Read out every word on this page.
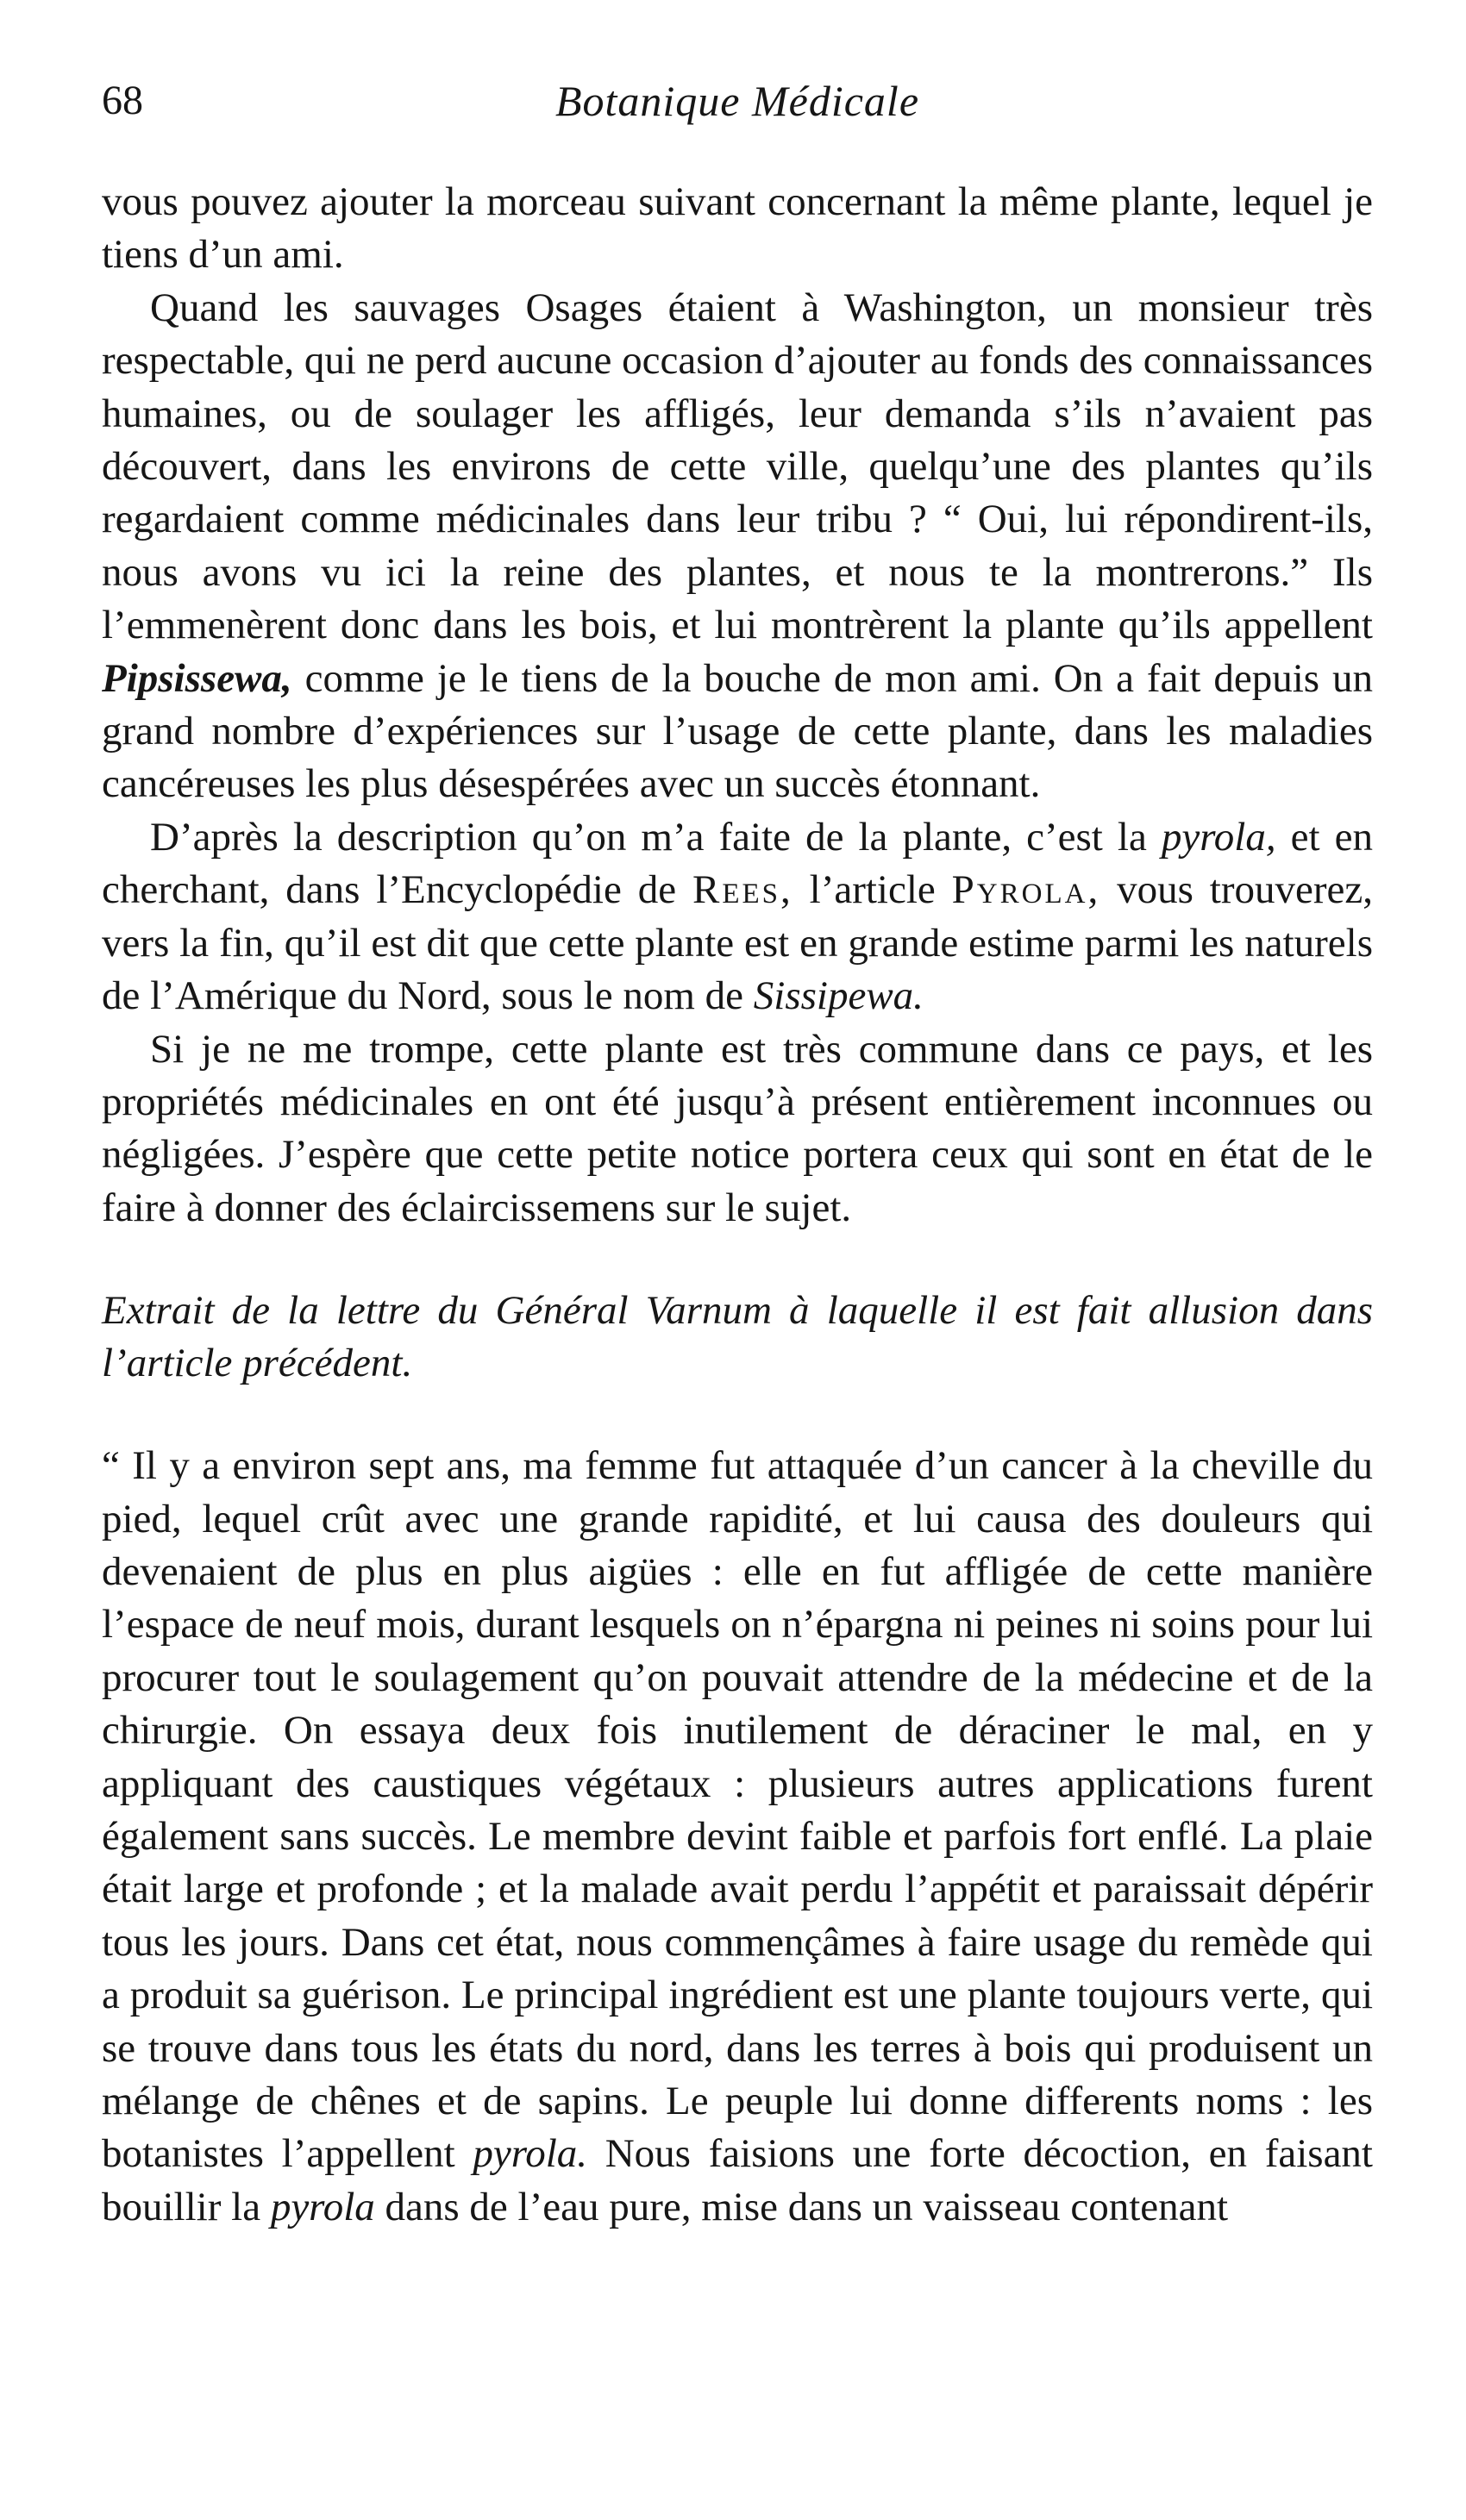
68	Botanique Médicale

vous pouvez ajouter la morceau suivant concernant la même plante, lequel je tiens d’un ami.

Quand les sauvages Osages étaient à Washington, un monsieur très respectable, qui ne perd aucune occasion d’ajouter au fonds des connaissances humaines, ou de soulager les affligés, leur demanda s’ils n’avaient pas découvert, dans les environs de cette ville, quelqu’une des plantes qu’ils regardaient comme médicinales dans leur tribu ? “ Oui, lui répondirent-ils, nous avons vu ici la reine des plantes, et nous te la montrerons.” Ils l’emmenèrent donc dans les bois, et lui montrèrent la plante qu’ils appellent Pipsissewa, comme je le tiens de la bouche de mon ami. On a fait depuis un grand nombre d’expériences sur l’usage de cette plante, dans les maladies cancéreuses les plus désespérées avec un succès étonnant.

D’après la description qu’on m’a faite de la plante, c’est la pyrola, et en cherchant, dans l’Encyclopédie de Rees, l’article Pyrola, vous trouverez, vers la fin, qu’il est dit que cette plante est en grande estime parmi les naturels de l’Amérique du Nord, sous le nom de Sissipewa.

Si je ne me trompe, cette plante est très commune dans ce pays, et les propriétés médicinales en ont été jusqu’à présent entièrement inconnues ou négligées. J’espère que cette petite notice portera ceux qui sont en état de le faire à donner des éclaircissemens sur le sujet.

Extrait de la lettre du Général Varnum à laquelle il est fait allusion dans l’article précédent.

“ Il y a environ sept ans, ma femme fut attaquée d’un cancer à la cheville du pied, lequel crût avec une grande rapidité, et lui causa des douleurs qui devenaient de plus en plus aigües : elle en fut affligée de cette manière l’espace de neuf mois, durant lesquels on n’épargna ni peines ni soins pour lui procurer tout le soulagement qu’on pouvait attendre de la médecine et de la chirurgie. On essaya deux fois inutilement de déraciner le mal, en y appliquant des caustiques végétaux : plusieurs autres applications furent également sans succès. Le membre devint faible et parfois fort enflé. La plaie était large et profonde ; et la malade avait perdu l’appétit et paraissait dépérir tous les jours. Dans cet état, nous commençâmes à faire usage du remède qui a produit sa guérison. Le principal ingrédient est une plante toujours verte, qui se trouve dans tous les états du nord, dans les terres à bois qui produisent un mélange de chênes et de sapins. Le peuple lui donne differents noms : les botanistes l’appellent pyrola. Nous faisions une forte décoction, en faisant bouillir la pyrola dans de l’eau pure, mise dans un vaisseau contenant
